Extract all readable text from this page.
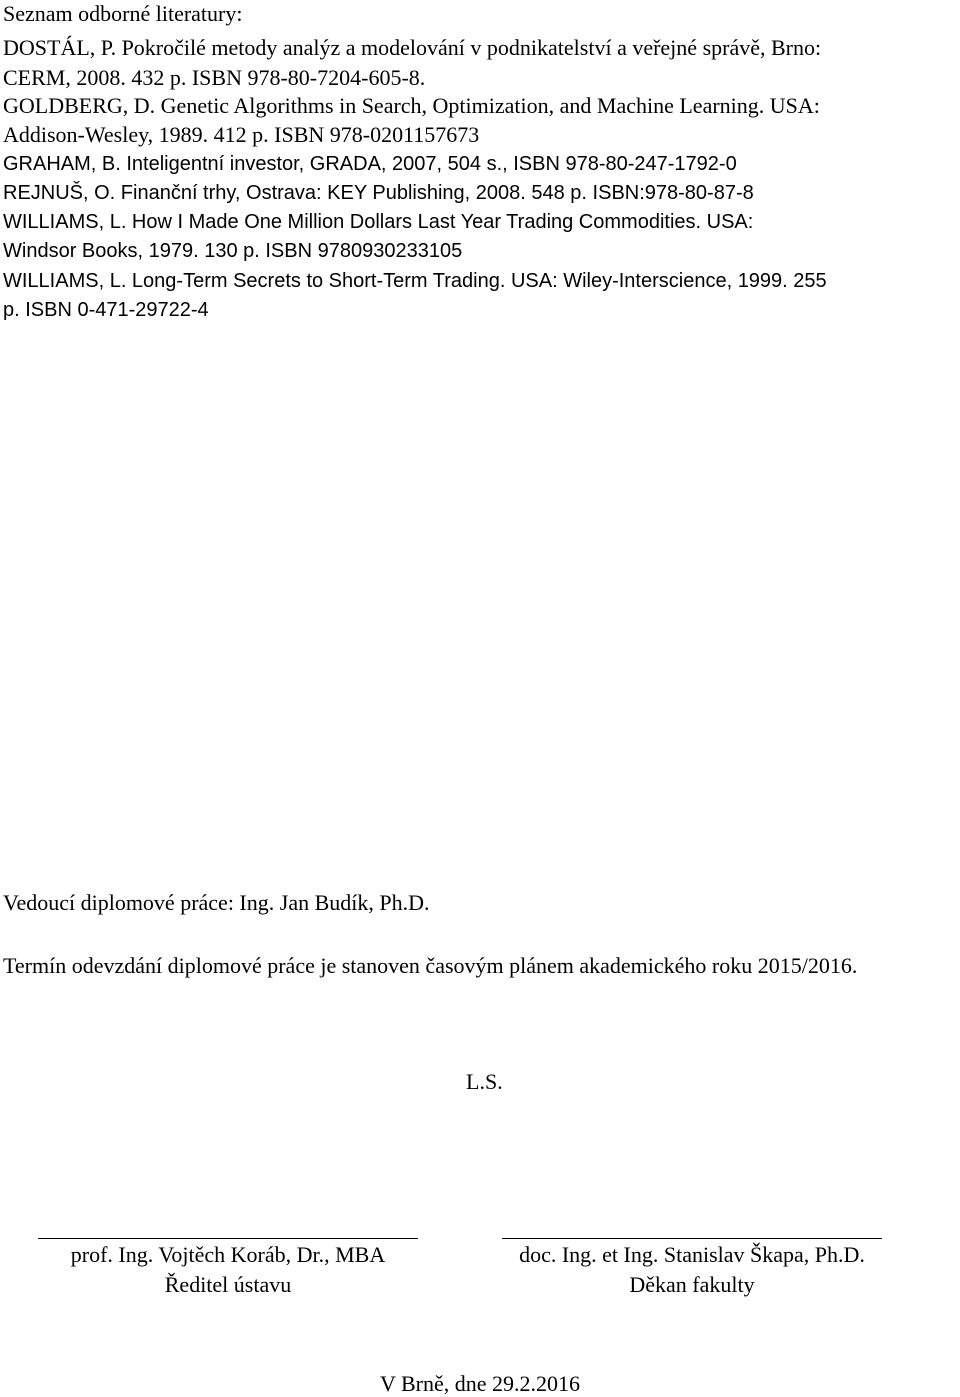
Seznam odborné literatury:
DOSTÁL, P. Pokročilé metody analýz a modelování v podnikatelství a veřejné správě, Brno:
CERM, 2008. 432 p. ISBN 978-80-7204-605-8.
GOLDBERG, D. Genetic Algorithms in Search, Optimization, and Machine Learning. USA:
Addison-Wesley, 1989. 412 p. ISBN 978-0201157673
GRAHAM, B. Inteligentní investor, GRADA, 2007, 504 s., ISBN 978-80-247-1792-0
REJNUŠ, O. Finanční trhy, Ostrava: KEY Publishing, 2008. 548 p. ISBN:978-80-87-8
WILLIAMS, L. How I Made One Million Dollars Last Year Trading Commodities. USA:
Windsor Books, 1979. 130 p. ISBN 9780930233105
WILLIAMS, L. Long-Term Secrets to Short-Term Trading. USA: Wiley-Interscience, 1999. 255
p. ISBN 0-471-29722-4
Vedoucí diplomové práce: Ing. Jan Budík, Ph.D.
Termín odevzdání diplomové práce je stanoven časovým plánem akademického roku 2015/2016.
L.S.
prof. Ing. Vojtěch Koráb, Dr., MBA
Ředitel ústavu
doc. Ing. et Ing. Stanislav Škapa, Ph.D.
Děkan fakulty
V Brně, dne 29.2.2016
